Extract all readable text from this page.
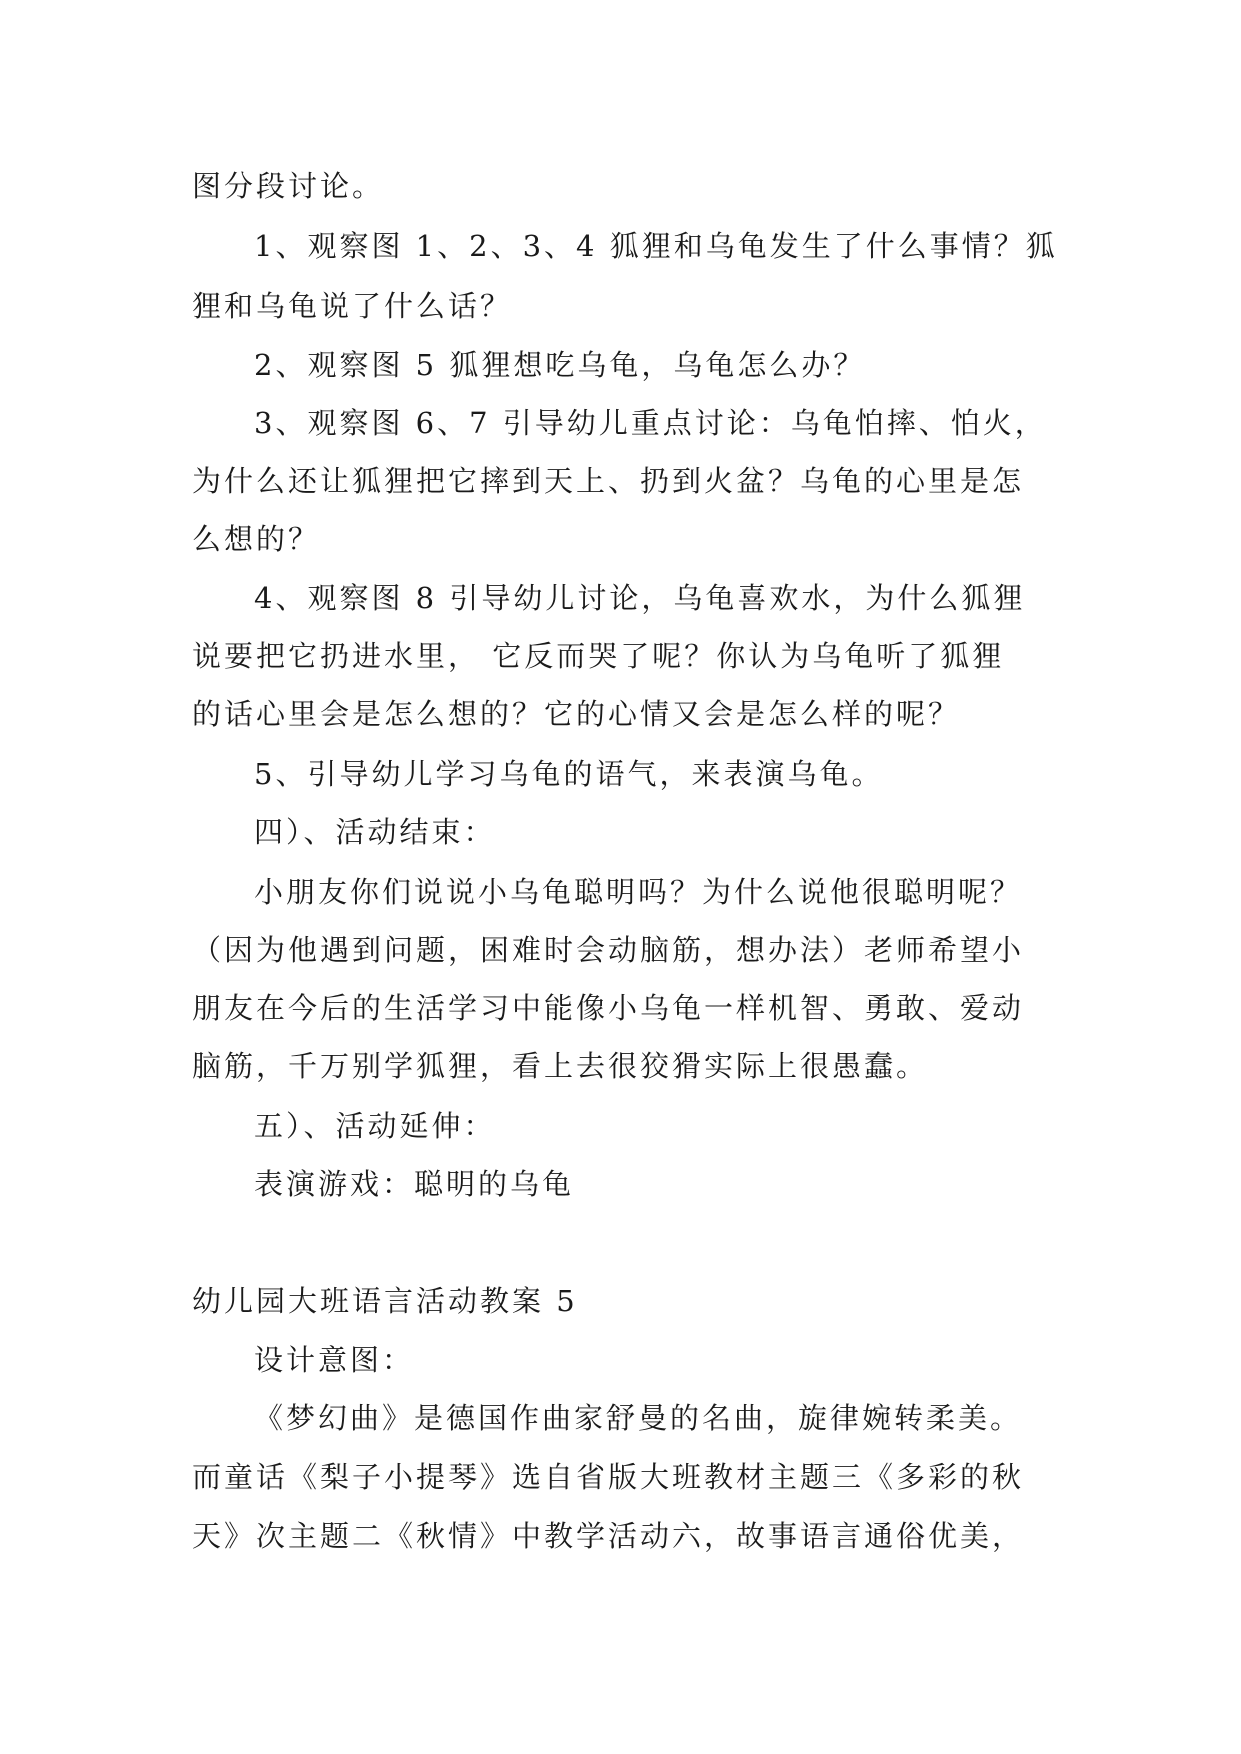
图分段讨论。
1、观察图 1、2、3、4 狐狸和乌龟发生了什么事情？狐
狸和乌龟说了什么话？
2、观察图 5 狐狸想吃乌龟，乌龟怎么办？
3、观察图 6、7 引导幼儿重点讨论：乌龟怕摔、怕火，
为什么还让狐狸把它摔到天上、扔到火盆？乌龟的心里是怎
么想的？
4、观察图 8 引导幼儿讨论，乌龟喜欢水，为什么狐狸
说要把它扔进水里， 它反而哭了呢？你认为乌龟听了狐狸
的话心里会是怎么想的？它的心情又会是怎么样的呢？
5、引导幼儿学习乌龟的语气，来表演乌龟。
四）、活动结束：
小朋友你们说说小乌龟聪明吗？为什么说他很聪明呢？
（因为他遇到问题，困难时会动脑筋，想办法）老师希望小
朋友在今后的生活学习中能像小乌龟一样机智、勇敢、爱动
脑筋，千万别学狐狸，看上去很狡猾实际上很愚蠢。
五）、活动延伸：
表演游戏：聪明的乌龟
幼儿园大班语言活动教案 5
设计意图：
《梦幻曲》是德国作曲家舒曼的名曲，旋律婉转柔美。
而童话《梨子小提琴》选自省版大班教材主题三《多彩的秋
天》次主题二《秋情》中教学活动六，故事语言通俗优美，
